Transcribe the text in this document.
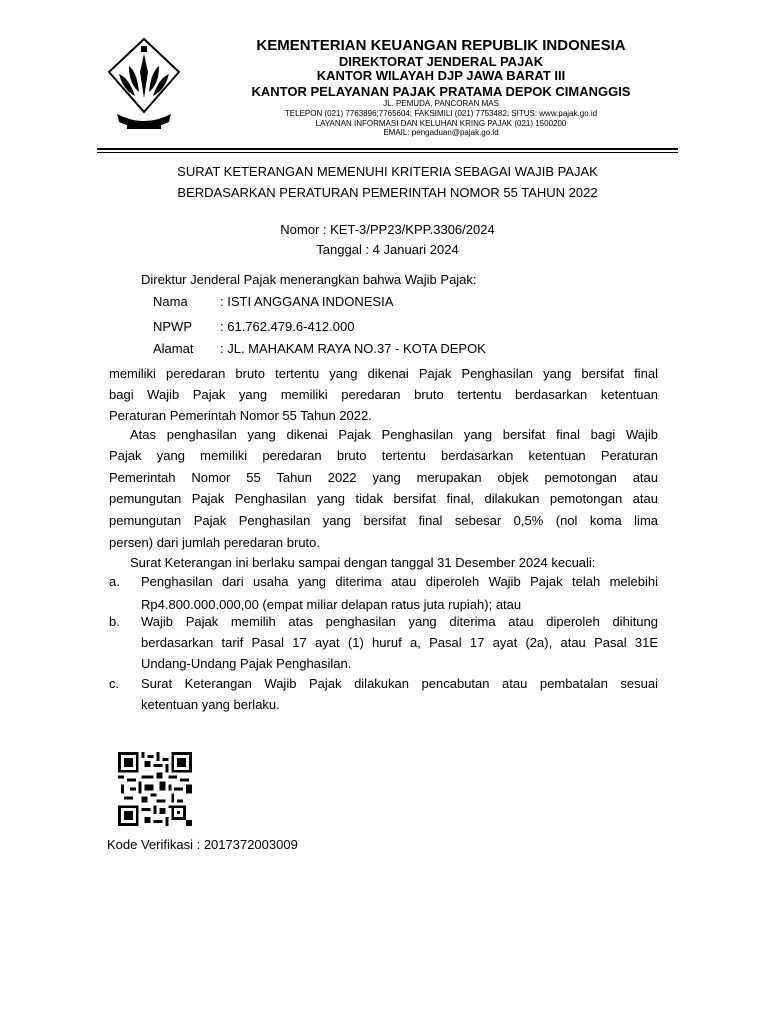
KEMENTERIAN KEUANGAN REPUBLIK INDONESIA
DIREKTORAT JENDERAL PAJAK
KANTOR WILAYAH DJP JAWA BARAT III
KANTOR PELAYANAN PAJAK PRATAMA DEPOK CIMANGGIS
JL. PEMUDA, PANCORAN MAS
TELEPON (021) 7763896;7765604; FAKSIMILI (021) 7753482; SITUS: www.pajak.go.id
LAYANAN INFORMASI DAN KELUHAN KRING PAJAK (021) 1500200
EMAIL: pengaduan@pajak.go.id
SURAT KETERANGAN MEMENUHI KRITERIA SEBAGAI WAJIB PAJAK
BERDASARKAN PERATURAN PEMERINTAH NOMOR 55 TAHUN 2022
Nomor : KET-3/PP23/KPP.3306/2024
Tanggal : 4 Januari 2024
Direktur Jenderal Pajak menerangkan bahwa Wajib Pajak:
Nama : ISTI ANGGANA INDONESIA
NPWP : 61.762.479.6-412.000
Alamat : JL. MAHAKAM RAYA NO.37 - KOTA DEPOK
memiliki peredaran bruto tertentu yang dikenai Pajak Penghasilan yang bersifat final
bagi Wajib Pajak yang memiliki peredaran bruto tertentu berdasarkan ketentuan
Peraturan Pemerintah Nomor 55 Tahun 2022.
Atas penghasilan yang dikenai Pajak Penghasilan yang bersifat final bagi Wajib
Pajak yang memiliki peredaran bruto tertentu berdasarkan ketentuan Peraturan
Pemerintah Nomor 55 Tahun 2022 yang merupakan objek pemotongan atau
pemungutan Pajak Penghasilan yang tidak bersifat final, dilakukan pemotongan atau
pemungutan Pajak Penghasilan yang bersifat final sebesar 0,5% (nol koma lima
persen) dari jumlah peredaran bruto.
Surat Keterangan ini berlaku sampai dengan tanggal 31 Desember 2024 kecuali:
a. Penghasilan dari usaha yang diterima atau diperoleh Wajib Pajak telah melebihi
Rp4.800.000.000,00 (empat miliar delapan ratus juta rupiah); atau
b. Wajib Pajak memilih atas penghasilan yang diterima atau diperoleh dihitung
berdasarkan tarif Pasal 17 ayat (1) huruf a, Pasal 17 ayat (2a), atau Pasal 31E
Undang-Undang Pajak Penghasilan.
c. Surat Keterangan Wajib Pajak dilakukan pencabutan atau pembatalan sesuai
ketentuan yang berlaku.
Kode Verifikasi : 2017372003009
